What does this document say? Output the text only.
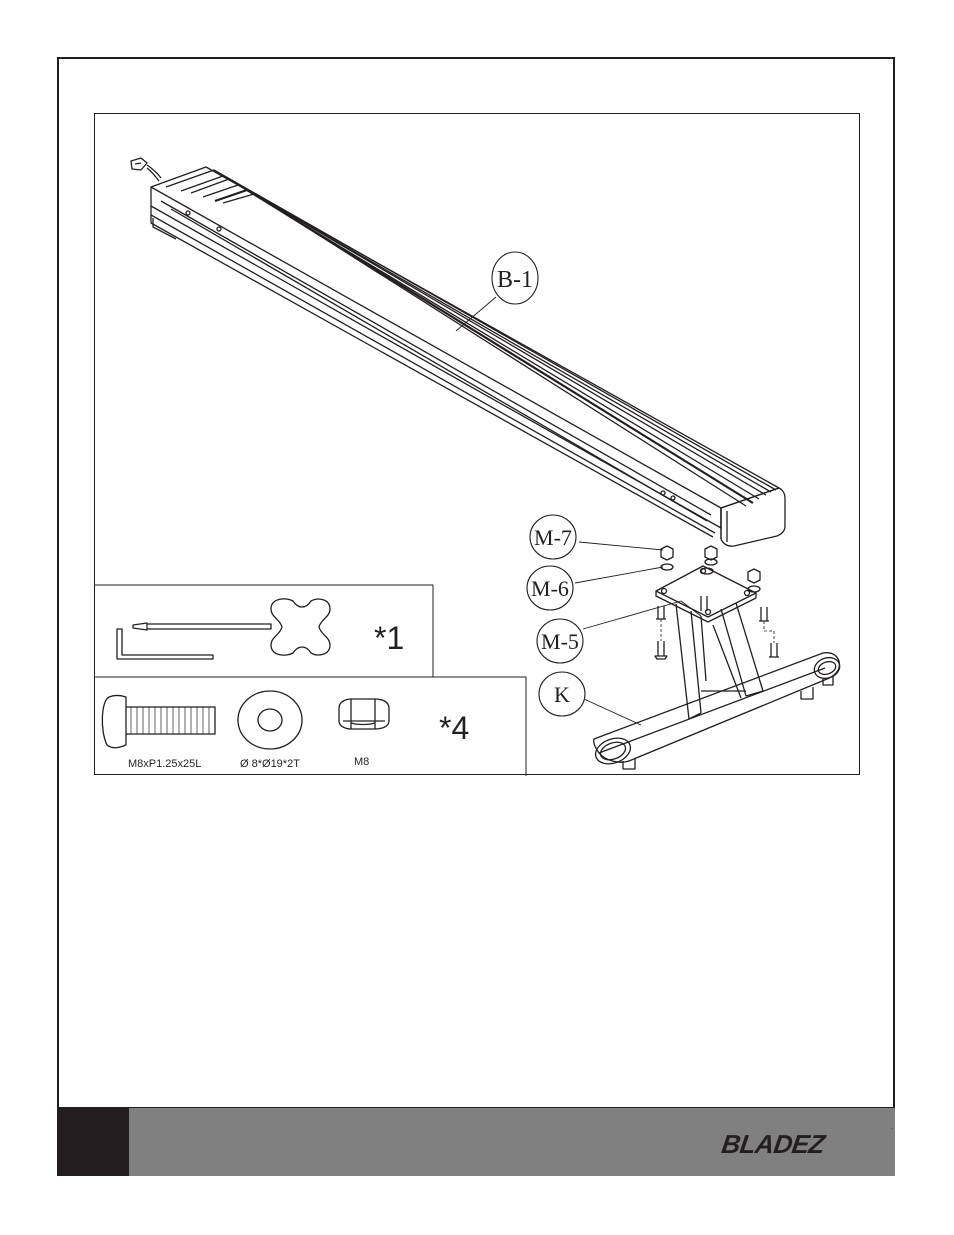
B-1
M-7
M-6
M-5
K
*1
*4
M8xP1.25x25L	Ø 8*Ø19*2T	M8
BLADEZ	˙
